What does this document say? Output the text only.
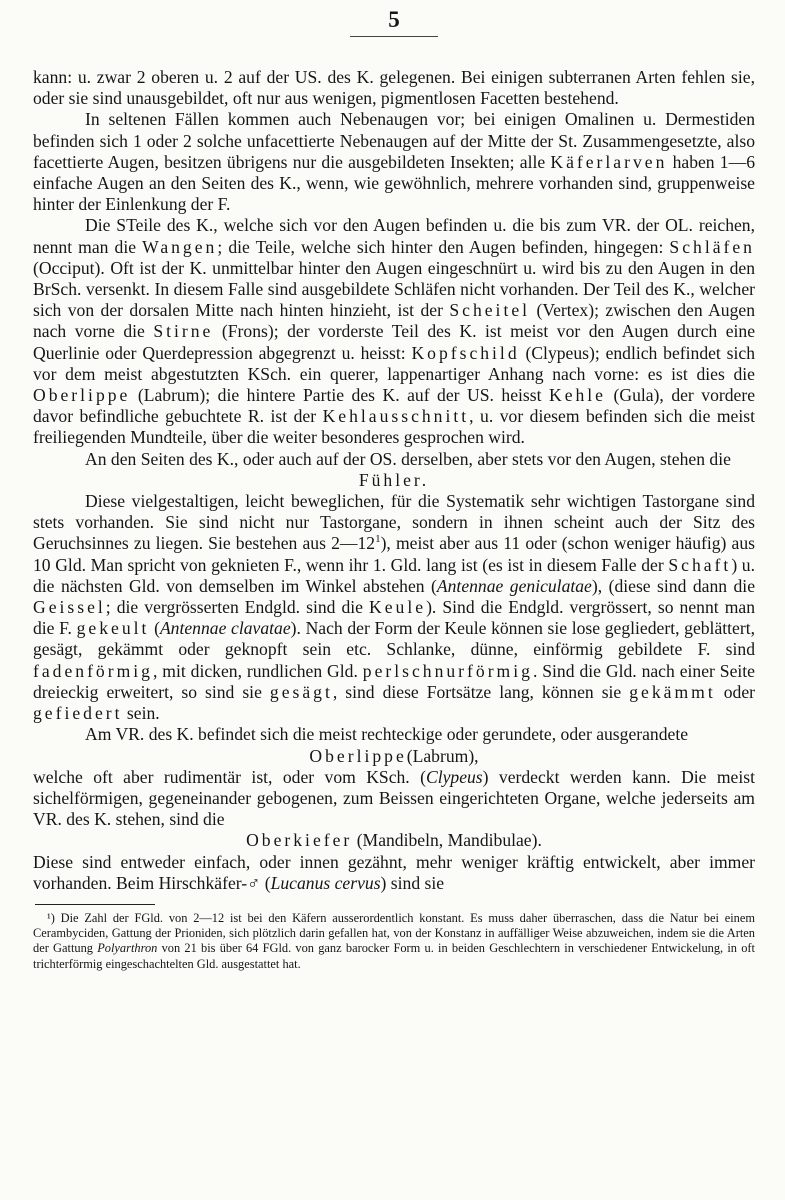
5

kann: u. zwar 2 oberen u. 2 auf der US. des K. gelegenen. Bei einigen subterranen Arten fehlen sie, oder sie sind unausgebildet, oft nur aus wenigen, pigmentlosen Facetten bestehend.

In seltenen Fällen kommen auch Nebenaugen vor; bei einigen Omalinen u. Dermestiden befinden sich 1 oder 2 solche unfacettierte Nebenaugen auf der Mitte der St. Zusammengesetzte, also facettierte Augen, besitzen übrigens nur die ausgebildeten Insekten; alle Käferlarven haben 1—6 einfache Augen an den Seiten des K., wenn, wie gewöhnlich, mehrere vorhanden sind, gruppenweise hinter der Einlenkung der F.

Die STeile des K., welche sich vor den Augen befinden u. die bis zum VR. der OL. reichen, nennt man die Wangen; die Teile, welche sich hinter den Augen befinden, hingegen: Schläfen (Occiput). Oft ist der K. unmittelbar hinter den Augen eingeschnürt u. wird bis zu den Augen in den BrSch. versenkt. In diesem Falle sind ausgebildete Schläfen nicht vorhanden. Der Teil des K., welcher sich von der dorsalen Mitte nach hinten hinzieht, ist der Scheitel (Vertex); zwischen den Augen nach vorne die Stirne (Frons); der vorderste Teil des K. ist meist vor den Augen durch eine Querlinie oder Querdepression abgegrenzt u. heisst: Kopfschild (Clypeus); endlich befindet sich vor dem meist abgestutzten KSch. ein querer, lappenartiger Anhang nach vorne: es ist dies die Oberlippe (Labrum); die hintere Partie des K. auf der US. heisst Kehle (Gula), der vordere davor befindliche gebuchtete R. ist der Kehlausschnitt, u. vor diesem befinden sich die meist freiliegenden Mundteile, über die weiter besonderes gesprochen wird.

An den Seiten des K., oder auch auf der OS. derselben, aber stets vor den Augen, stehen die

Fühler.

Diese vielgestaltigen, leicht beweglichen, für die Systematik sehr wichtigen Tastorgane sind stets vorhanden. Sie sind nicht nur Tastorgane, sondern in ihnen scheint auch der Sitz des Geruchsinnes zu liegen. Sie bestehen aus $2—12^1$), meist aber aus 11 oder (schon weniger häufig) aus 10 Gld. Man spricht von geknieten F., wenn ihr 1. Gld. lang ist (es ist in diesem Falle der Schaft) u. die nächsten Gld. von demselben im Winkel abstehen (Antennae geniculatae), (diese sind dann die Geissel; die vergrösserten Endgld. sind die Keule). Sind die Endgld. vergrössert, so nennt man die F. gekeult (Antennae clavatae). Nach der Form der Keule können sie lose gegliedert, geblättert, gesägt, gekämmt oder geknopft sein etc. Schlanke, dünne, einförmig gebildete F. sind fadenförmig, mit dicken, rundlichen Gld. perlschnurförmig. Sind die Gld. nach einer Seite dreieckig erweitert, so sind sie gesägt, sind diese Fortsätze lang, können sie gekämmt oder gefiedert sein.

Am VR. des K. befindet sich die meist rechteckige oder gerundete, oder ausgerandete

Oberlippe(Labrum),

welche oft aber rudimentär ist, oder vom KSch. (Clypeus) verdeckt werden kann. Die meist sichelförmigen, gegeneinander gebogenen, zum Beissen eingerichteten Organe, welche jederseits am VR. des K. stehen, sind die

Oberkiefer (Mandibeln, Mandibulae).

Diese sind entweder einfach, oder innen gezähnt, mehr weniger kräftig entwickelt, aber immer vorhanden. Beim Hirschkäfer-♂ (Lucanus cervus) sind sie

¹) Die Zahl der FGld. von 2—12 ist bei den Käfern ausserordentlich konstant. Es muss daher überraschen, dass die Natur bei einem Cerambyciden, Gattung der Prioniden, sich plötzlich darin gefallen hat, von der Konstanz in auffälliger Weise abzuweichen, indem sie die Arten der Gattung Polyarthron von 21 bis über 64 FGld. von ganz barocker Form u. in beiden Geschlechtern in verschiedener Entwickelung, in oft trichterförmig eingeschachtelten Gld. ausgestattet hat.
